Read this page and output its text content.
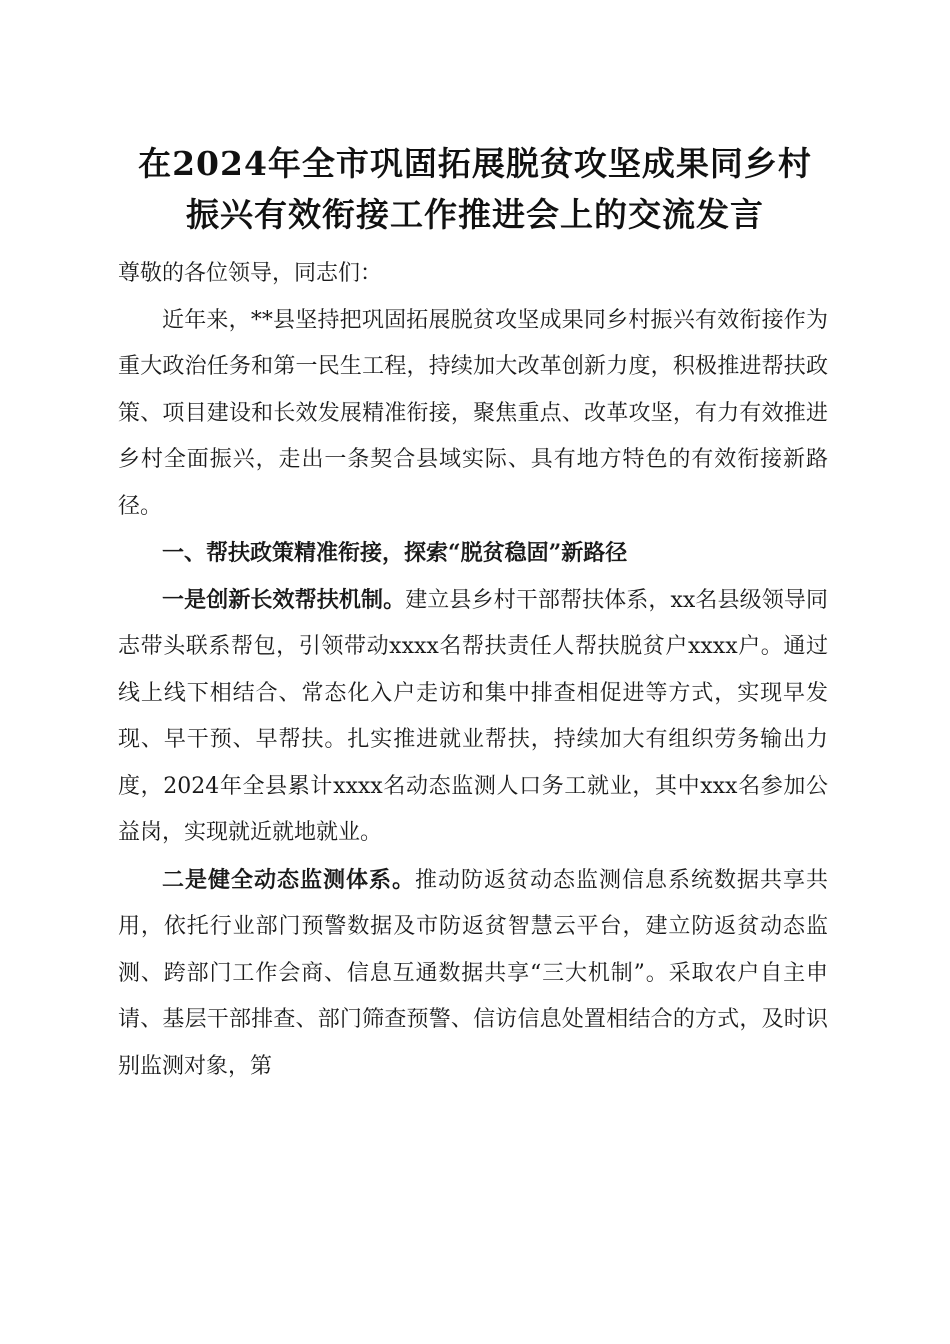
在2024年全市巩固拓展脱贫攻坚成果同乡村
振兴有效衔接工作推进会上的交流发言

尊敬的各位领导，同志们：

近年来，**县坚持把巩固拓展脱贫攻坚成果同乡村振兴有效衔接作为重大政治任务和第一民生工程，持续加大改革创新力度，积极推进帮扶政策、项目建设和长效发展精准衔接，聚焦重点、改革攻坚，有力有效推进乡村全面振兴，走出一条契合县域实际、具有地方特色的有效衔接新路径。

一、帮扶政策精准衔接，探索“脱贫稳固”新路径

一是创新长效帮扶机制。建立县乡村干部帮扶体系，xx名县级领导同志带头联系帮包，引领带动xxxx名帮扶责任人帮扶脱贫户xxxx户。通过线上线下相结合、常态化入户走访和集中排查相促进等方式，实现早发现、早干预、早帮扶。扎实推进就业帮扶，持续加大有组织劳务输出力度，2024年全县累计xxxx名动态监测人口务工就业，其中xxx名参加公益岗，实现就近就地就业。

二是健全动态监测体系。推动防返贫动态监测信息系统数据共享共用，依托行业部门预警数据及市防返贫智慧云平台，建立防返贫动态监测、跨部门工作会商、信息互通数据共享“三大机制”。采取农户自主申请、基层干部排查、部门筛查预警、信访信息处置相结合的方式，及时识别监测对象，第
